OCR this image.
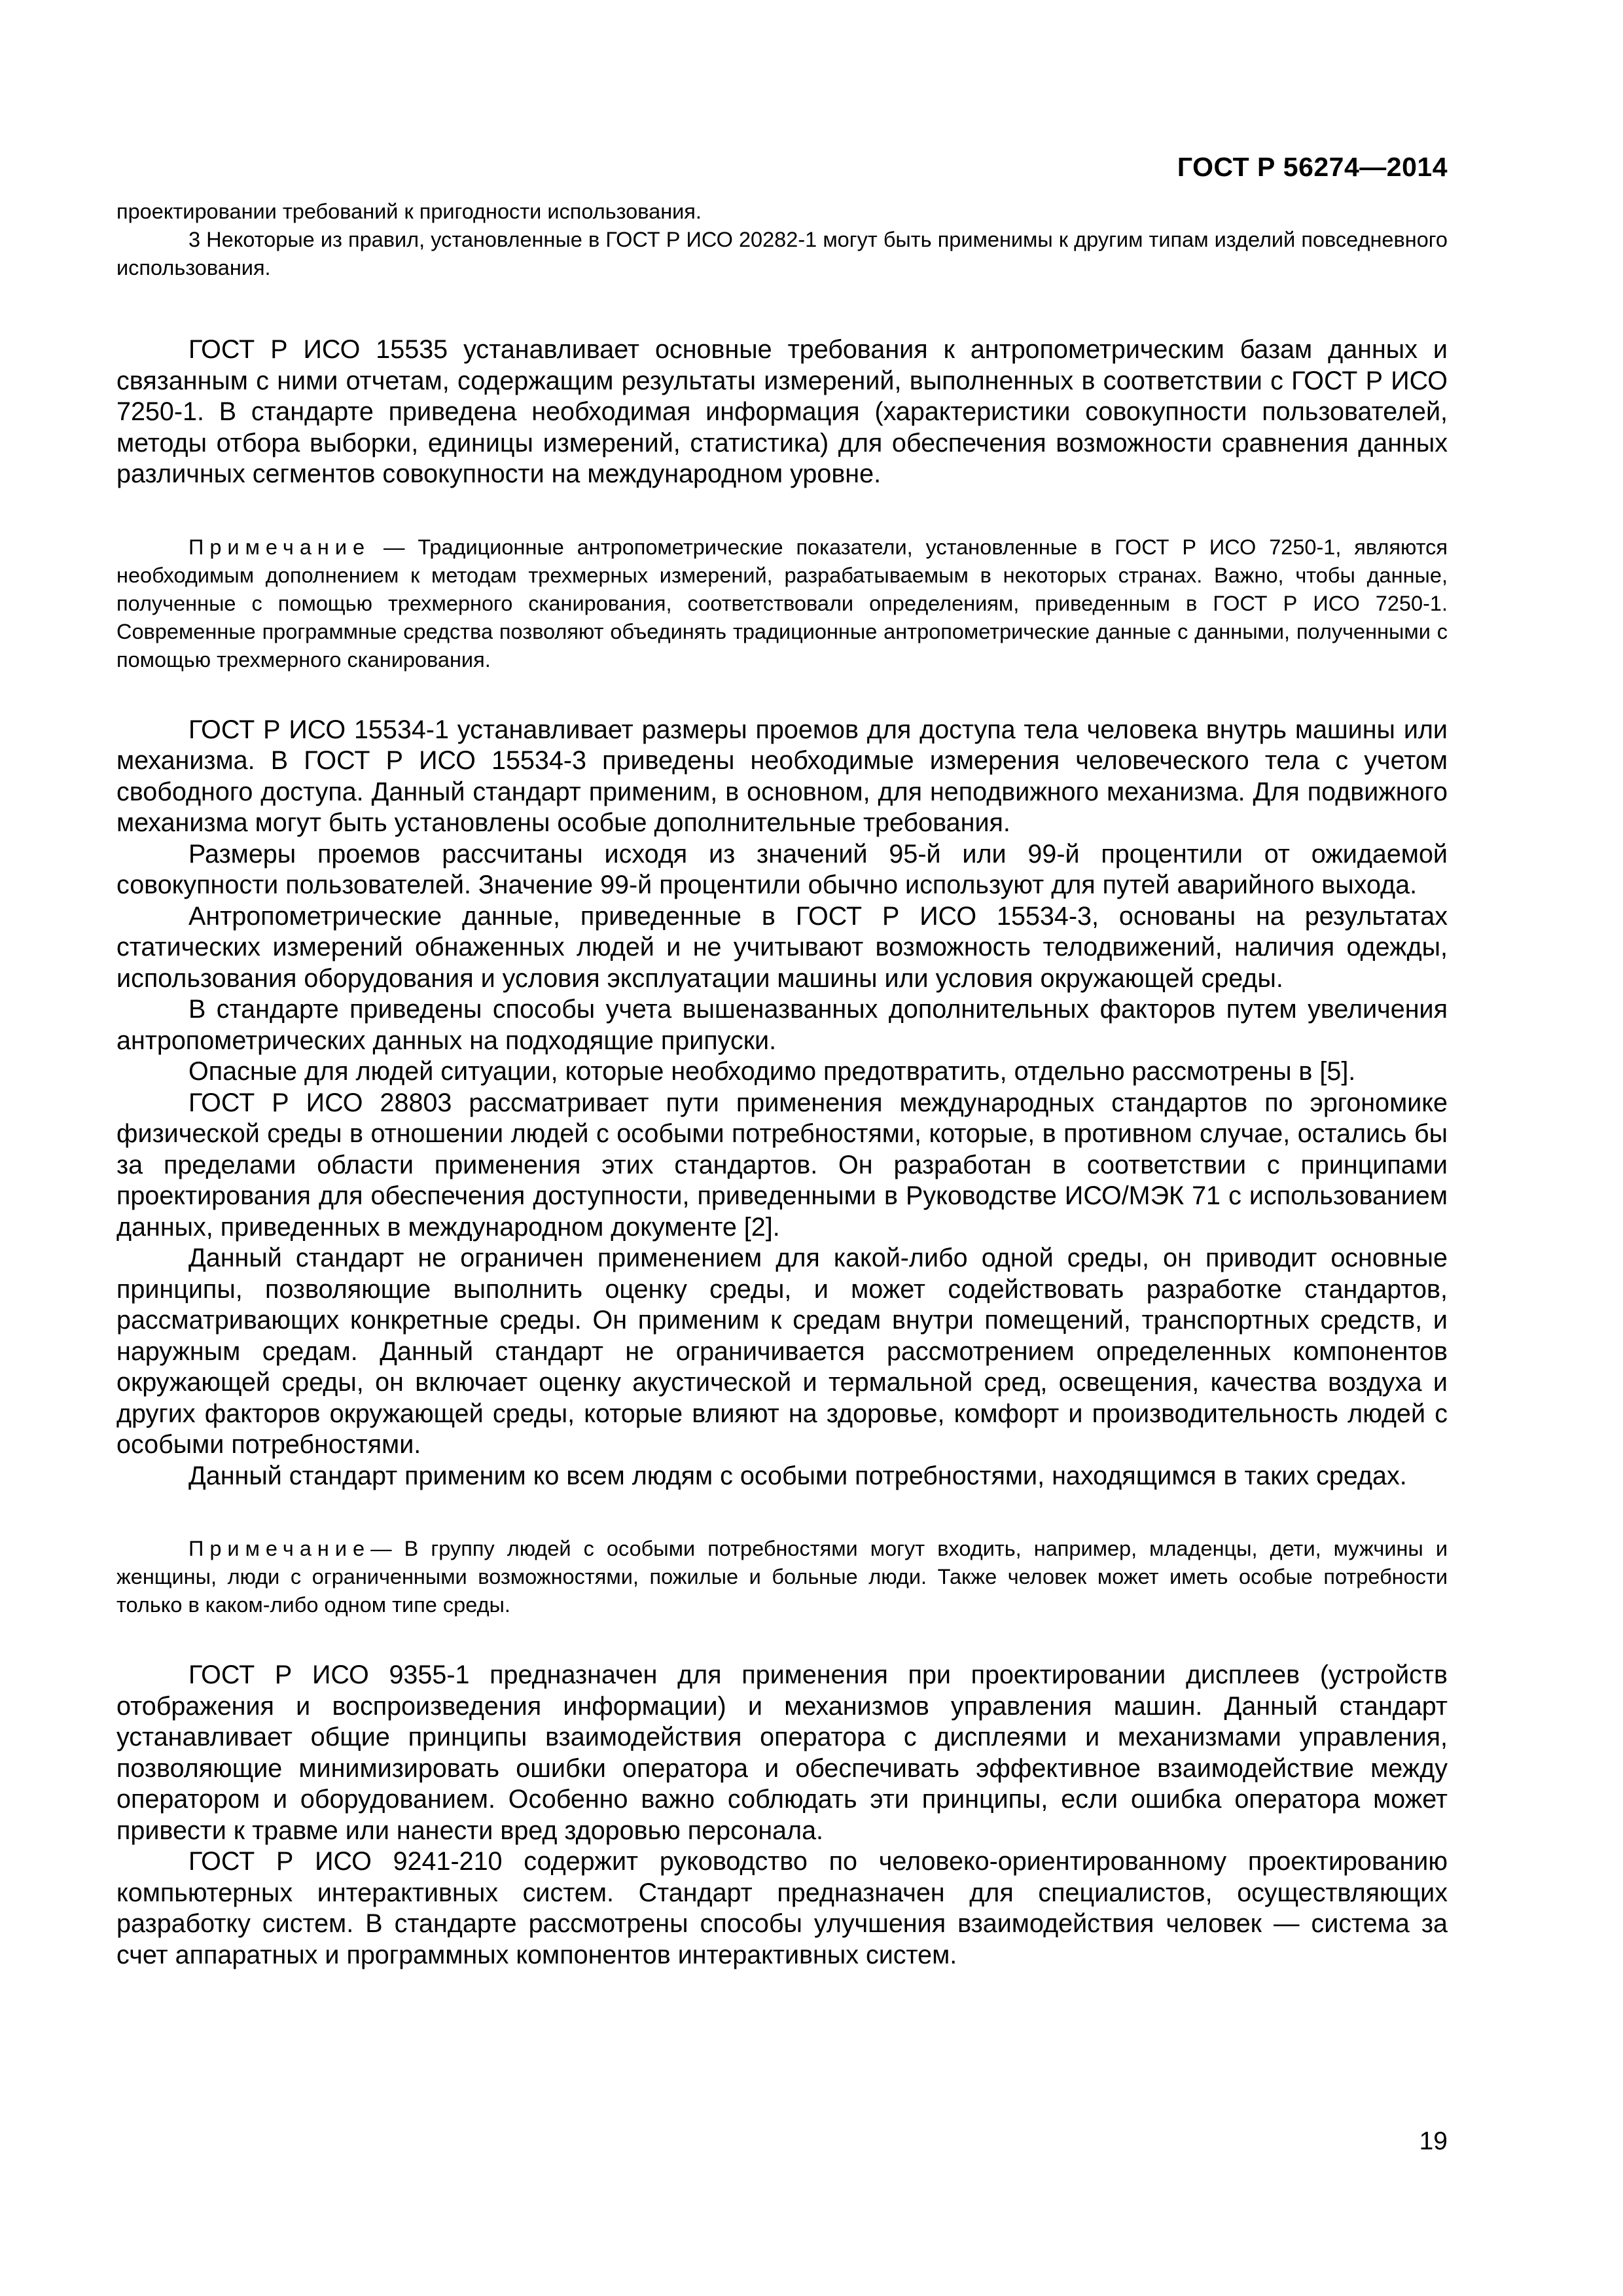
ГОСТ Р 56274—2014

проектировании требований к пригодности использования.

3 Некоторые из правил, установленные в ГОСТ Р ИСО 20282-1 могут быть применимы к другим типам изделий повседневного использования.

ГОСТ Р ИСО 15535 устанавливает основные требования к антропометрическим базам данных и связанным с ними отчетам, содержащим результаты измерений, выполненных в соответствии с ГОСТ Р ИСО 7250-1. В стандарте приведена необходимая информация (характеристики совокупности пользователей, методы отбора выборки, единицы измерений, статистика) для обеспечения возможности сравнения данных различных сегментов совокупности на международном уровне.

Примечание — Традиционные антропометрические показатели, установленные в ГОСТ Р ИСО 7250-1, являются необходимым дополнением к методам трехмерных измерений, разрабатываемым в некоторых странах. Важно, чтобы данные, полученные с помощью трехмерного сканирования, соответствовали определениям, приведенным в ГОСТ Р ИСО 7250-1. Современные программные средства позволяют объединять традиционные антропометрические данные с данными, полученными с помощью трехмерного сканирования.

ГОСТ Р ИСО 15534-1 устанавливает размеры проемов для доступа тела человека внутрь машины или механизма. В ГОСТ Р ИСО 15534-3 приведены необходимые измерения человеческого тела с учетом свободного доступа. Данный стандарт применим, в основном, для неподвижного механизма. Для подвижного механизма могут быть установлены особые дополнительные требования.

Размеры проемов рассчитаны исходя из значений 95-й или 99-й процентили от ожидаемой совокупности пользователей. Значение 99-й процентили обычно используют для путей аварийного выхода.

Антропометрические данные, приведенные в ГОСТ Р ИСО 15534-3, основаны на результатах статических измерений обнаженных людей и не учитывают возможность телодвижений, наличия одежды, использования оборудования и условия эксплуатации машины или условия окружающей среды.

В стандарте приведены способы учета вышеназванных дополнительных факторов путем увеличения антропометрических данных на подходящие припуски.

Опасные для людей ситуации, которые необходимо предотвратить, отдельно рассмотрены в [5].

ГОСТ Р ИСО 28803 рассматривает пути применения международных стандартов по эргономике физической среды в отношении людей с особыми потребностями, которые, в противном случае, остались бы за пределами области применения этих стандартов. Он разработан в соответствии с принципами проектирования для обеспечения доступности, приведенными в Руководстве ИСО/МЭК 71 с использованием данных, приведенных в международном документе [2].

Данный стандарт не ограничен применением для какой-либо одной среды, он приводит основные принципы, позволяющие выполнить оценку среды, и может содействовать разработке стандартов, рассматривающих конкретные среды. Он применим к средам внутри помещений, транспортных средств, и наружным средам. Данный стандарт не ограничивается рассмотрением определенных компонентов окружающей среды, он включает оценку акустической и термальной сред, освещения, качества воздуха и других факторов окружающей среды, которые влияют на здоровье, комфорт и производительность людей с особыми потребностями.

Данный стандарт применим ко всем людям с особыми потребностями, находящимся в таких средах.

Примечание— В группу людей с особыми потребностями могут входить, например, младенцы, дети, мужчины и женщины, люди с ограниченными возможностями, пожилые и больные люди. Также человек может иметь особые потребности только в каком-либо одном типе среды.

ГОСТ Р ИСО 9355-1 предназначен для применения при проектировании дисплеев (устройств отображения и воспроизведения информации) и механизмов управления машин. Данный стандарт устанавливает общие принципы взаимодействия оператора с дисплеями и механизмами управления, позволяющие минимизировать ошибки оператора и обеспечивать эффективное взаимодействие между оператором и оборудованием. Особенно важно соблюдать эти принципы, если ошибка оператора может привести к травме или нанести вред здоровью персонала.

ГОСТ Р ИСО 9241-210 содержит руководство по человеко-ориентированному проектированию компьютерных интерактивных систем. Стандарт предназначен для специалистов, осуществляющих разработку систем. В стандарте рассмотрены способы улучшения взаимодействия человек — система за счет аппаратных и программных компонентов интерактивных систем.

19
